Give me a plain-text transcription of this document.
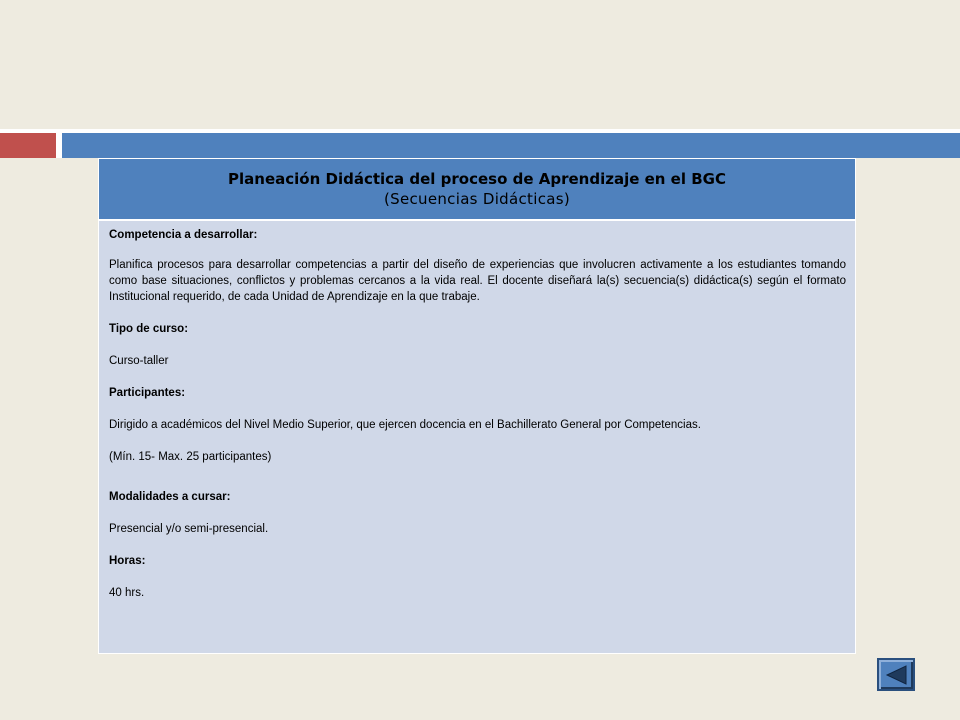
Planeación Didáctica del proceso de Aprendizaje en el BGC
(Secuencias Didácticas)

Competencia a desarrollar:

Planifica procesos para desarrollar competencias a partir del diseño de experiencias que involucren activamente a los estudiantes tomando como base situaciones, conflictos y problemas cercanos a la vida real. El docente diseñará la(s) secuencia(s) didáctica(s) según el formato Institucional requerido, de cada Unidad de Aprendizaje en la que trabaje.

Tipo de curso:

Curso-taller

Participantes:

Dirigido a académicos del Nivel Medio Superior, que ejercen docencia en el Bachillerato General por Competencias.

(Mín. 15- Max. 25 participantes)

Modalidades a cursar:

Presencial y/o semi-presencial.

Horas:

40 hrs.
